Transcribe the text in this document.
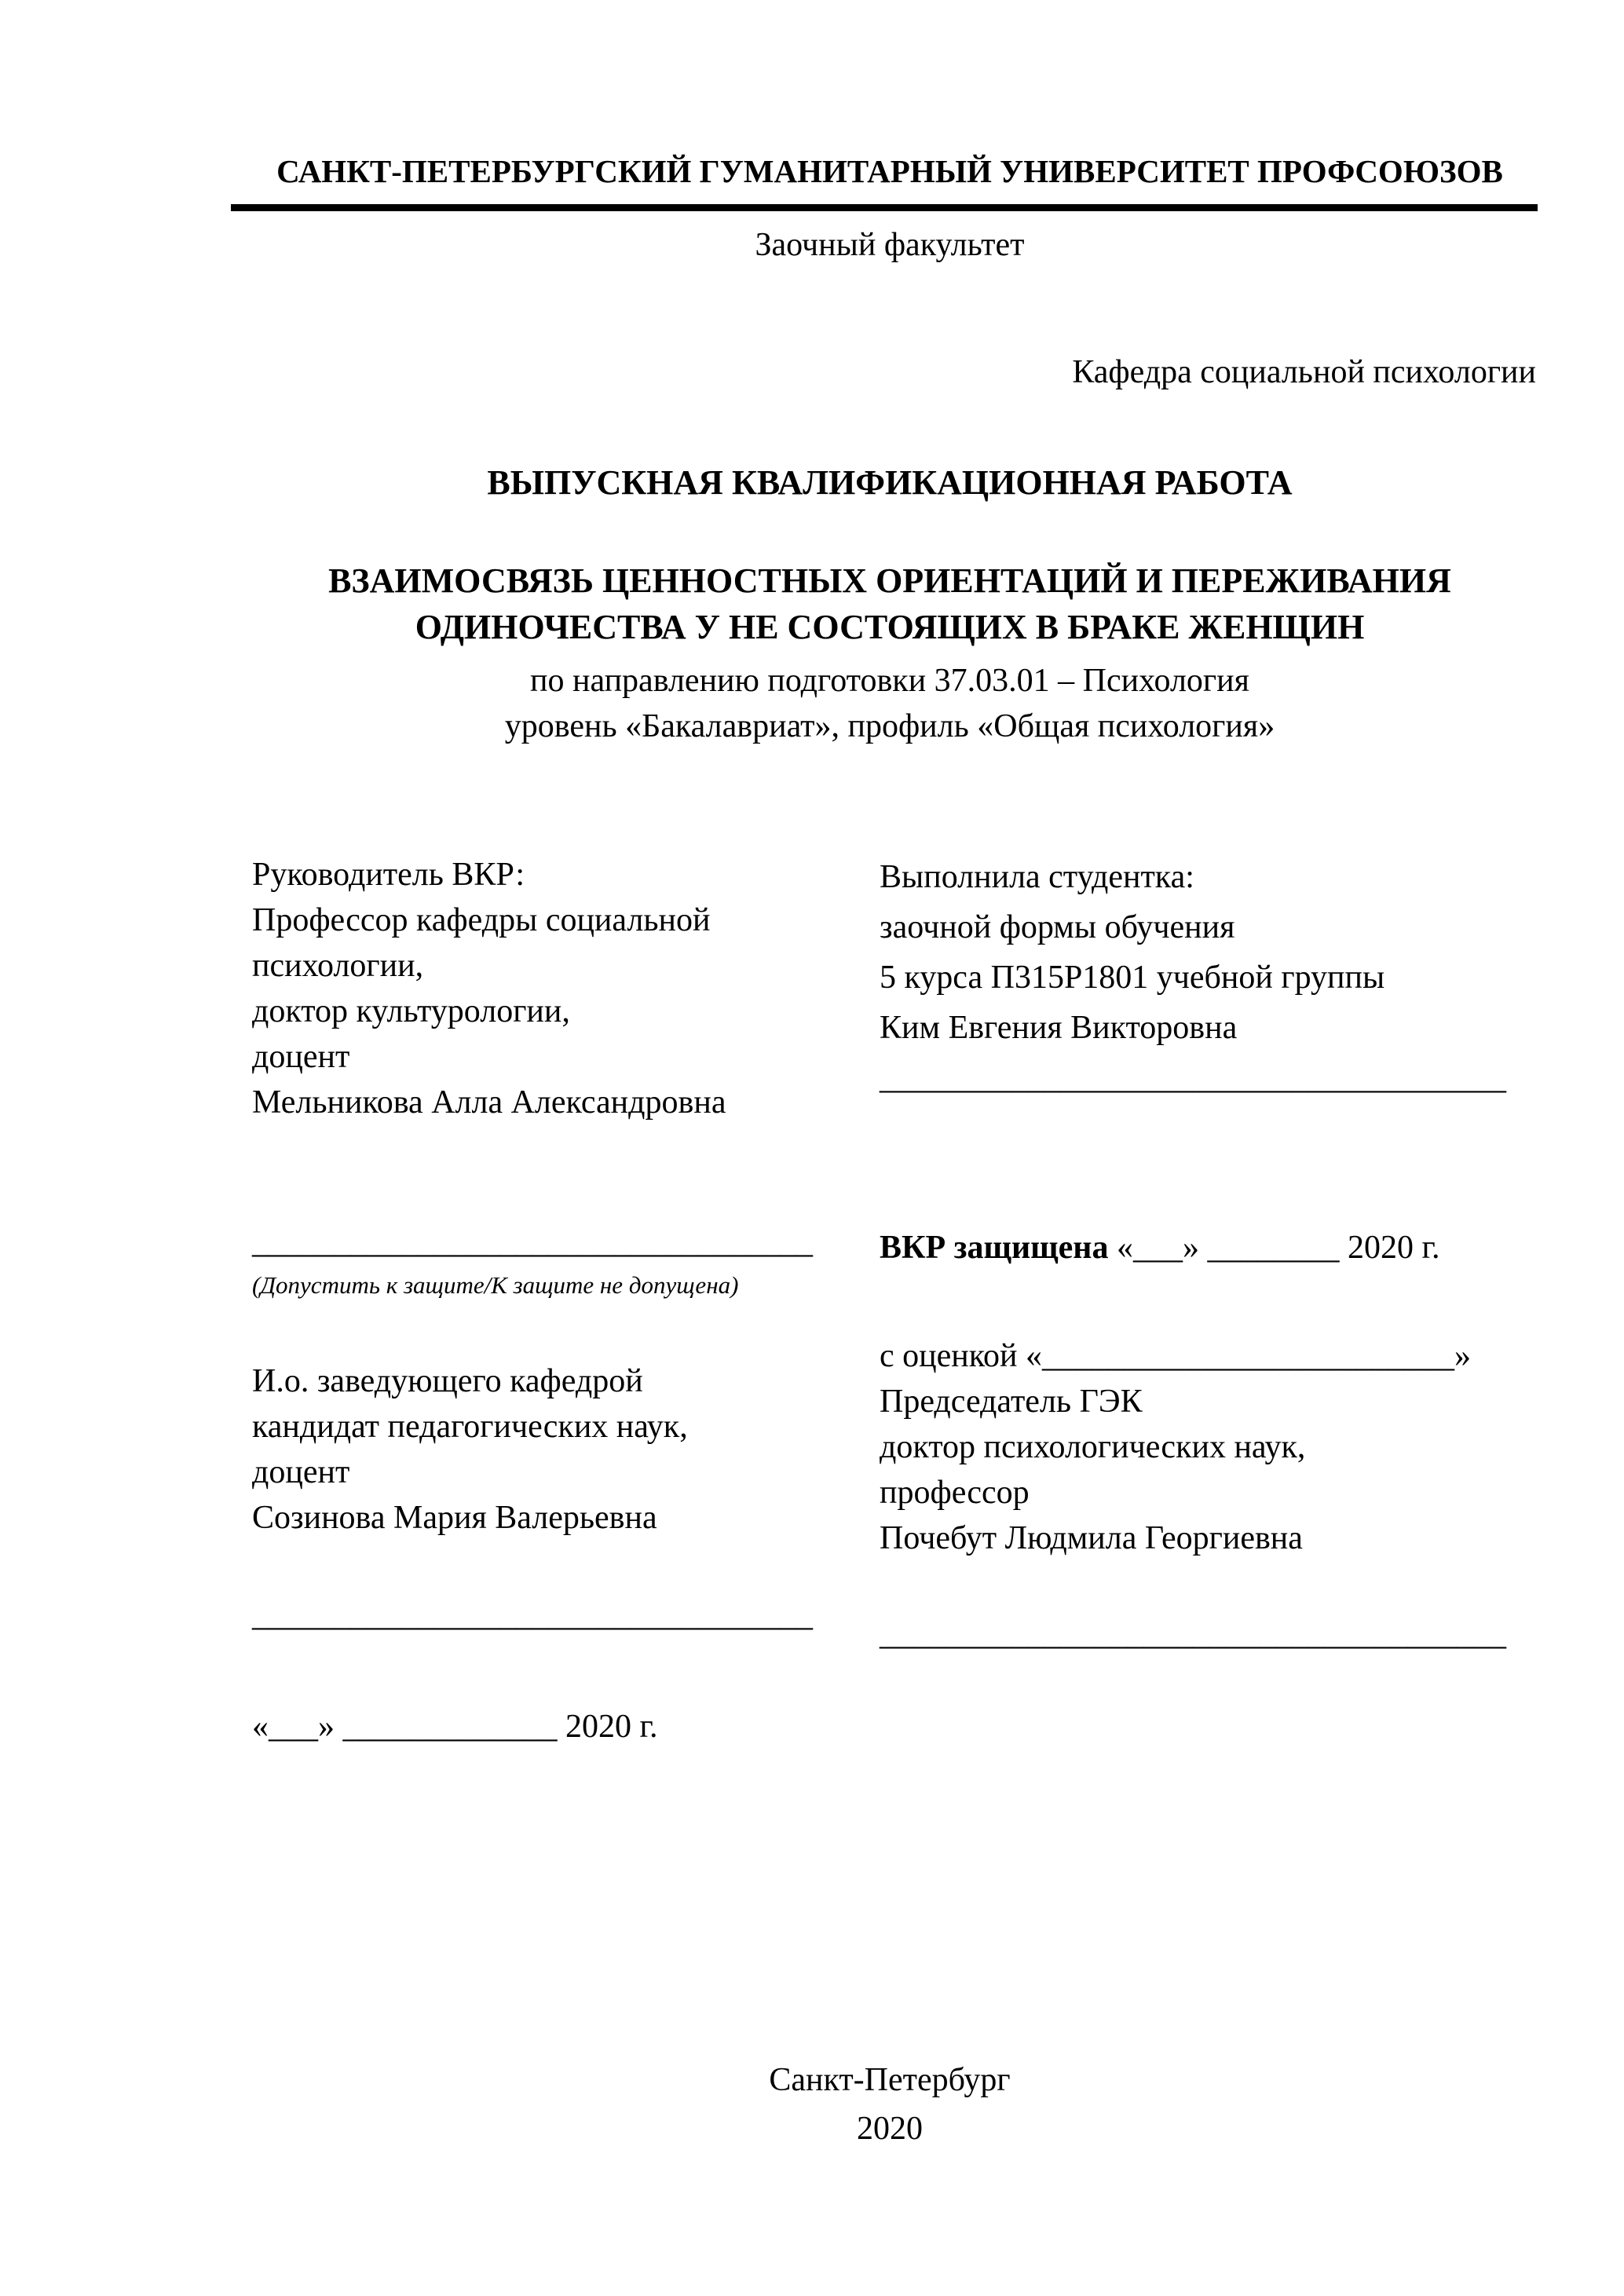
САНКТ-ПЕТЕРБУРГСКИЙ ГУМАНИТАРНЫЙ УНИВЕРСИТЕТ ПРОФСОЮЗОВ
Заочный факультет
Кафедра социальной психологии
ВЫПУСКНАЯ КВАЛИФИКАЦИОННАЯ РАБОТА
ВЗАИМОСВЯЗЬ ЦЕННОСТНЫХ ОРИЕНТАЦИЙ И ПЕРЕЖИВАНИЯ
ОДИНОЧЕСТВА У НЕ СОСТОЯЩИХ В БРАКЕ ЖЕНЩИН
по направлению подготовки 37.03.01 – Психология
уровень «Бакалавриат», профиль «Общая психология»
Руководитель ВКР:
Профессор кафедры социальной
психологии,
доктор культурологии,
доцент
Мельникова Алла Александровна
Выполнила студентка:
заочной формы обучения
5 курса П315Р1801 учебной группы
Ким Евгения Викторовна
______________________________________
__________________________________
(Допустить к защите/К защите не допущена)
И.о. заведующего кафедрой
кандидат педагогических наук,
доцент
Созинова Мария Валерьевна
ВКР защищена «___» ________ 2020 г.
с оценкой «_________________________»
Председатель ГЭК
доктор психологических наук,
профессор
Почебут Людмила Георгиевна
__________________________________
______________________________________
«___» _____________ 2020 г.
Санкт-Петербург
2020
